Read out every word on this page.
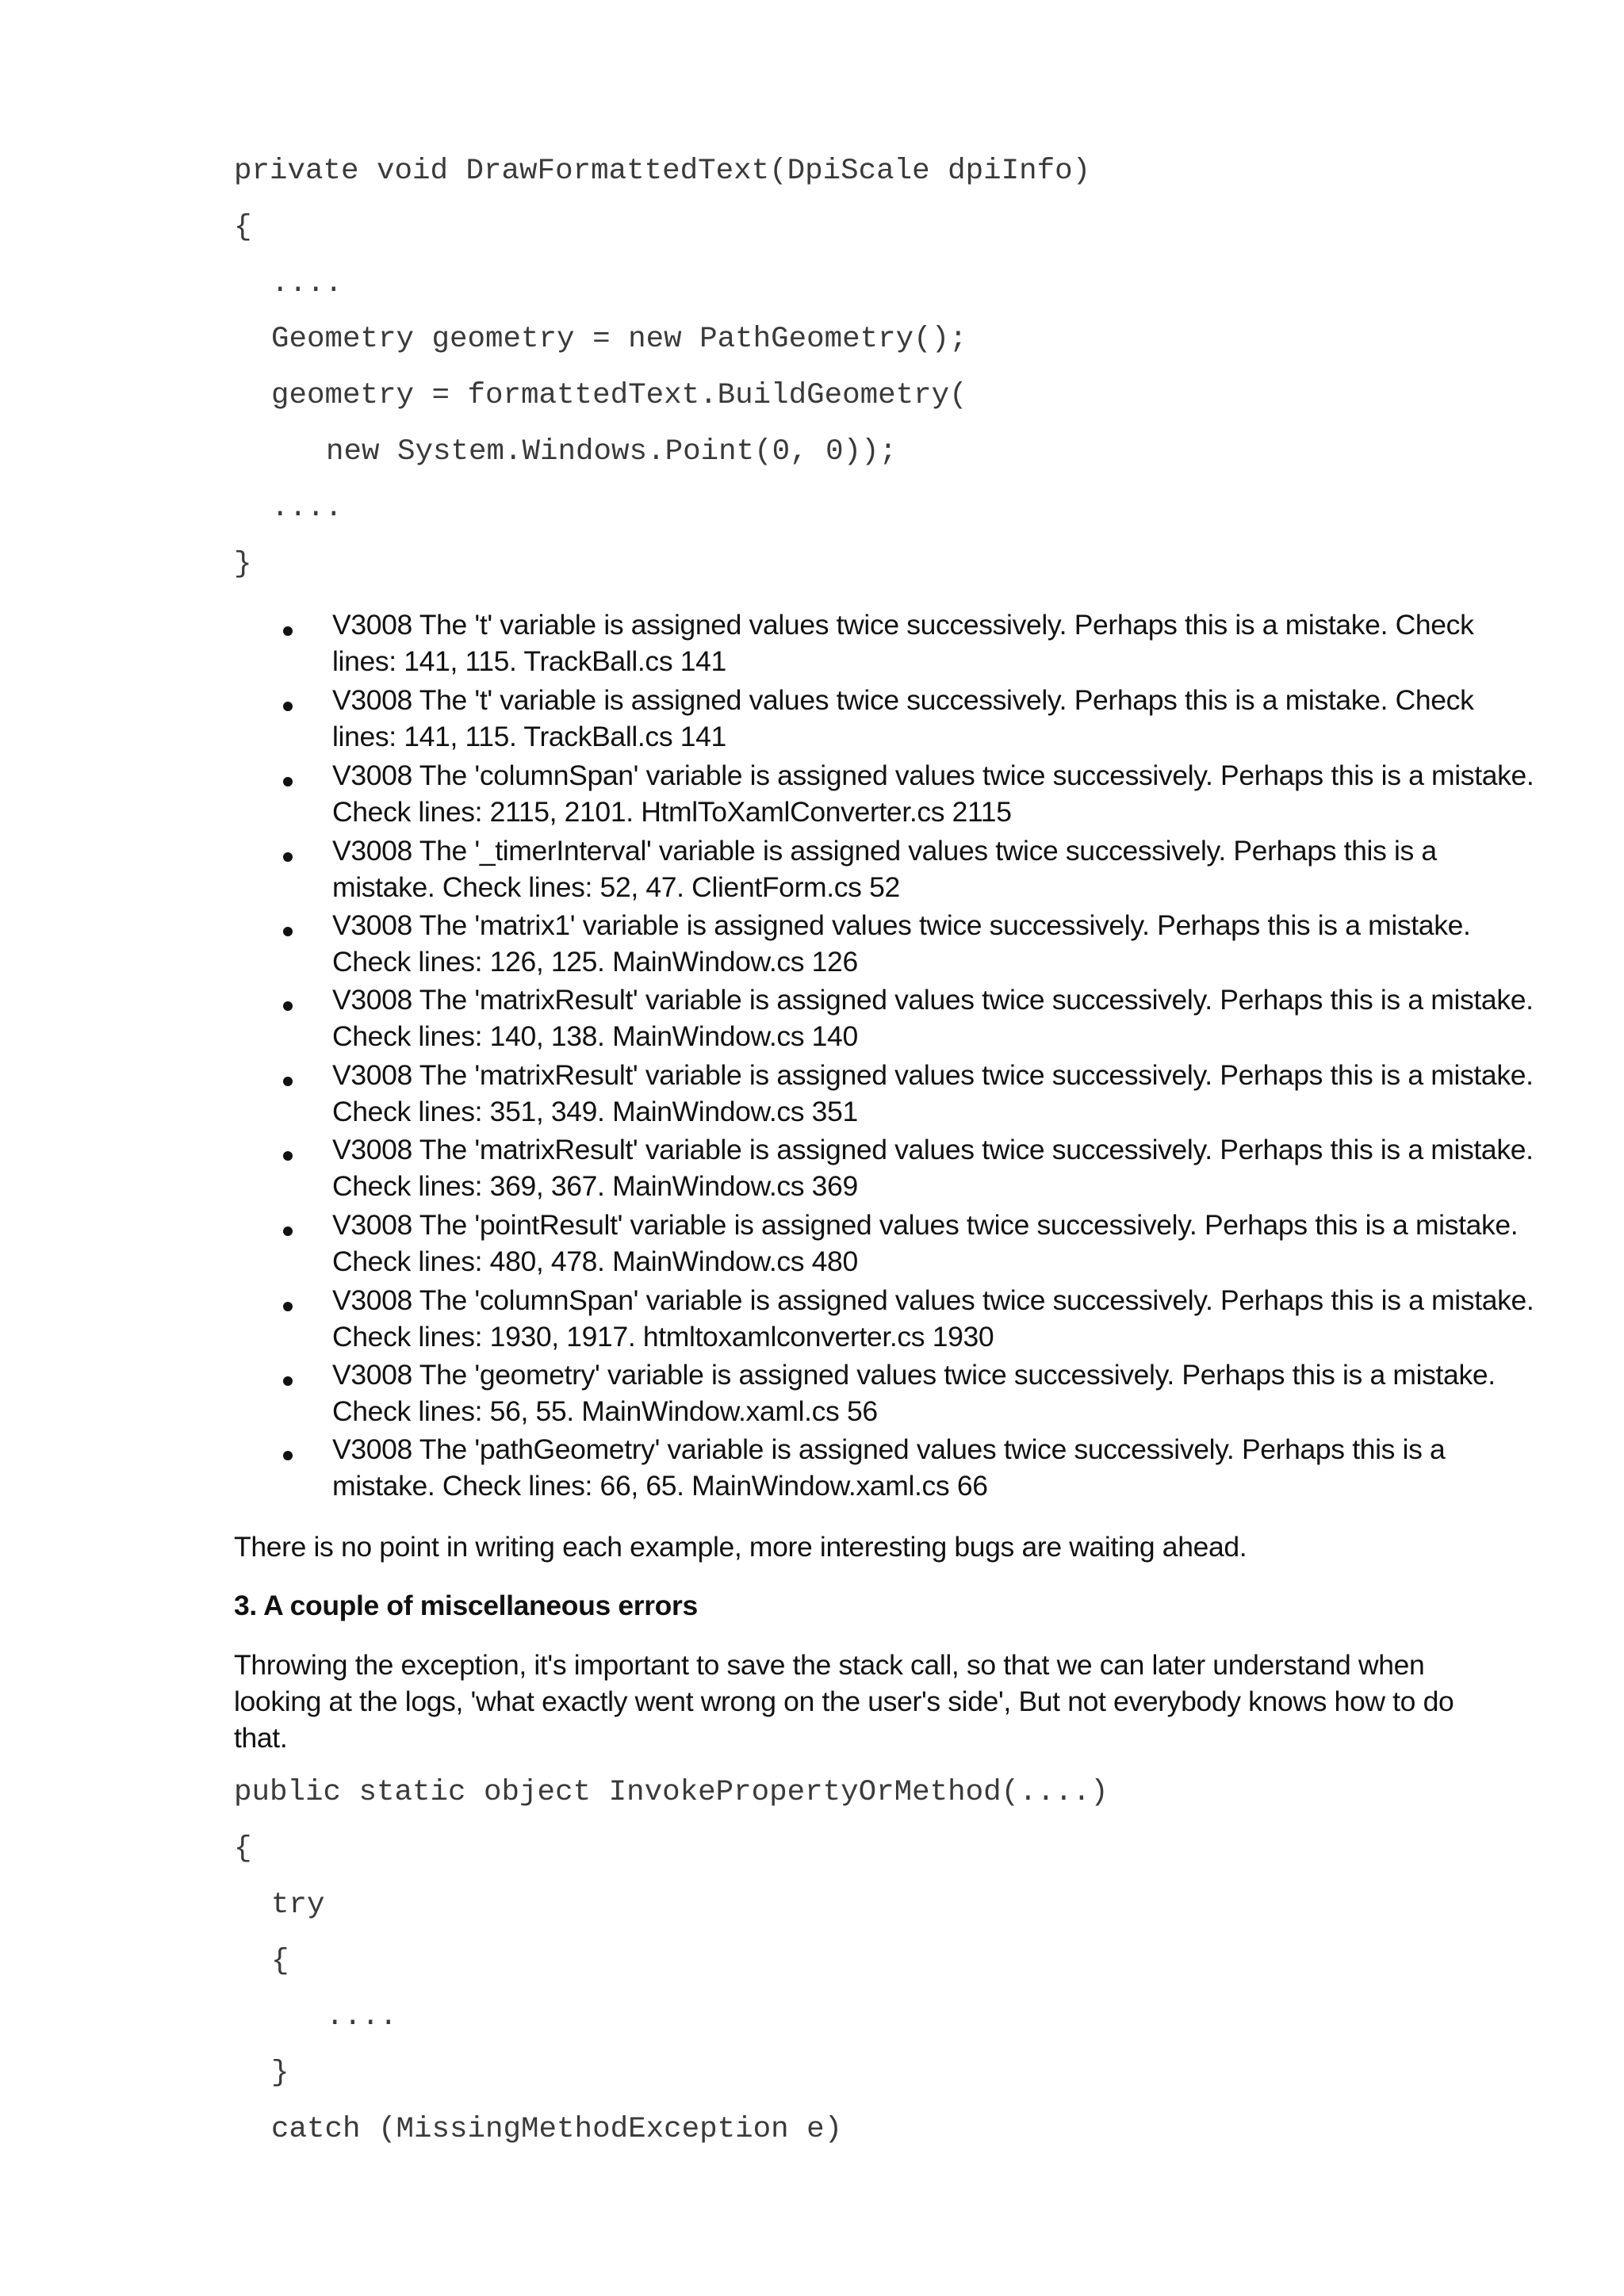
private void DrawFormattedText(DpiScale dpiInfo)

{

....

Geometry geometry = new PathGeometry();

geometry = formattedText.BuildGeometry(

new System.Windows.Point(0, 0));

....

}

V3008 The 't' variable is assigned values twice successively. Perhaps this is a mistake. Check
lines: 141, 115. TrackBall.cs 141
V3008 The 't' variable is assigned values twice successively. Perhaps this is a mistake. Check
lines: 141, 115. TrackBall.cs 141
V3008 The 'columnSpan' variable is assigned values twice successively. Perhaps this is a mistake.
Check lines: 2115, 2101. HtmlToXamlConverter.cs 2115
V3008 The '_timerInterval' variable is assigned values twice successively. Perhaps this is a
mistake. Check lines: 52, 47. ClientForm.cs 52
V3008 The 'matrix1' variable is assigned values twice successively. Perhaps this is a mistake.
Check lines: 126, 125. MainWindow.cs 126
V3008 The 'matrixResult' variable is assigned values twice successively. Perhaps this is a mistake.
Check lines: 140, 138. MainWindow.cs 140
V3008 The 'matrixResult' variable is assigned values twice successively. Perhaps this is a mistake.
Check lines: 351, 349. MainWindow.cs 351
V3008 The 'matrixResult' variable is assigned values twice successively. Perhaps this is a mistake.
Check lines: 369, 367. MainWindow.cs 369
V3008 The 'pointResult' variable is assigned values twice successively. Perhaps this is a mistake.
Check lines: 480, 478. MainWindow.cs 480
V3008 The 'columnSpan' variable is assigned values twice successively. Perhaps this is a mistake.
Check lines: 1930, 1917. htmltoxamlconverter.cs 1930
V3008 The 'geometry' variable is assigned values twice successively. Perhaps this is a mistake.
Check lines: 56, 55. MainWindow.xaml.cs 56
V3008 The 'pathGeometry' variable is assigned values twice successively. Perhaps this is a
mistake. Check lines: 66, 65. MainWindow.xaml.cs 66
There is no point in writing each example, more interesting bugs are waiting ahead.
3. A couple of miscellaneous errors
Throwing the exception, it's important to save the stack call, so that we can later understand when
looking at the logs, 'what exactly went wrong on the user's side', But not everybody knows how to do
that.

public static object InvokePropertyOrMethod(....)

{

try

{

....

}

catch (MissingMethodException e)
